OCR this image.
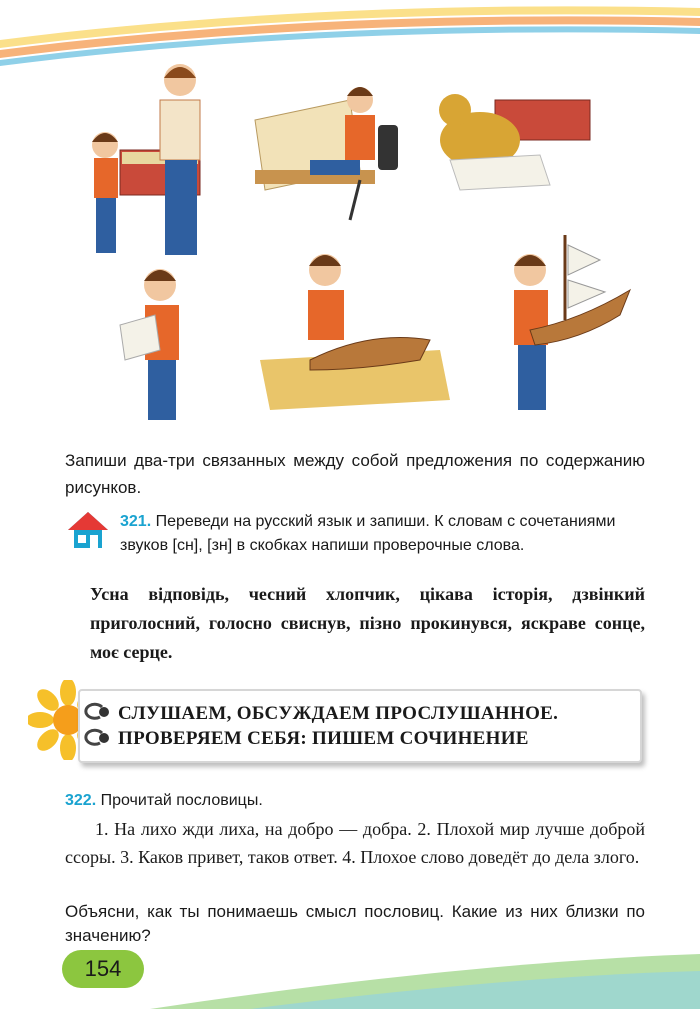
Запиши два-три связанных между собой предложения по содержанию рисунков.
321. Переведи на русский язык и запиши. К словам с сочетаниями звуков [сн], [зн] в скобках напиши проверочные слова.
Усна відповідь, чесний хлопчик, цікава історія, дзвінкий приголосний, голосно свиснув, пізно прокинувся, яскраве сонце, моє серце.
СЛУШАЕМ, ОБСУЖДАЕМ ПРОСЛУШАННОЕ.
ПРОВЕРЯЕМ СЕБЯ: ПИШЕМ СОЧИНЕНИЕ
322. Прочитай пословицы.
1. На лихо жди лиха, на добро — добра. 2. Плохой мир лучше доброй ссоры. 3. Каков привет, таков ответ. 4. Плохое слово доведёт до дела злого.
Объясни, как ты понимаешь смысл пословиц. Какие из них близки по значению?
154
